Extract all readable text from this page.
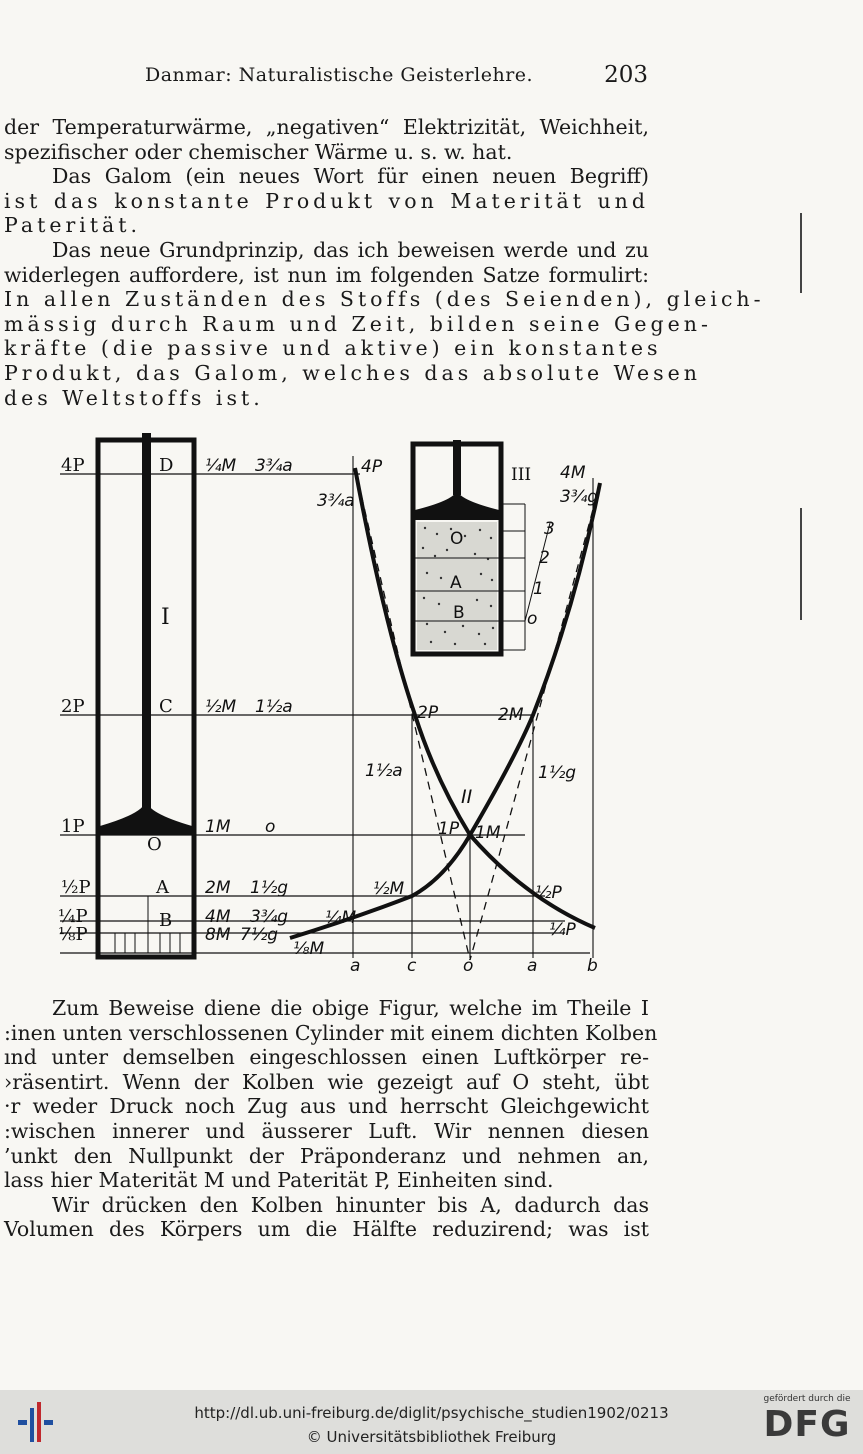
Danmar: Naturalistische Geisterlehre.	203
der Temperaturwärme, „negativen“ Elektrizität, Weichheit,
spezifischer oder chemischer Wärme u. s. w. hat.
Das Galom (ein neues Wort für einen neuen Begriff)
ist das konstante Produkt von Materität und
Paterität.
Das neue Grundprinzip, das ich beweisen werde und zu
widerlegen auffordere, ist nun im folgenden Satze formulirt:
In allen Zuständen des Stoffs (des Seienden), gleich-
mässig durch Raum und Zeit, bilden seine Gegen-
kräfte (die passive und aktive) ein konstantes
Produkt, das Galom, welches das absolute Wesen
des Weltstoffs ist.
4P
2P
1P
½P
¼P
⅛P
D
I
C
O
A
B
¼M 3¾a
½M 1½a
1M o
2M 1½g
4M 3¾g
8M 7½g
4P
3¾a
2P
1½a
II
1P 1M
½M
¼M
⅛M
2M
1½g
½P
¼P
4M
3¾g
III
a	c	o	a	b
O
A
B
3
2
1
o
Zum Beweise diene die obige Figur, welche im Theile I
:inen unten verschlossenen Cylinder mit einem dichten Kolben
ınd unter demselben eingeschlossen einen Luftkörper re-
›räsentirt. Wenn der Kolben wie gezeigt auf O steht, übt
·r weder Druck noch Zug aus und herrscht Gleichgewicht
:wischen innerer und äusserer Luft. Wir nennen diesen
’unkt den Nullpunkt der Präponderanz und nehmen an,
lass hier Materität M und Paterität P, Einheiten sind.
Wir drücken den Kolben hinunter bis A, dadurch das
Volumen des Körpers um die Hälfte reduzirend; was ist
http://dl.ub.uni-freiburg.de/diglit/psychische_studien1902/0213
© Universitätsbibliothek Freiburg
gefördert durch die
DFG
